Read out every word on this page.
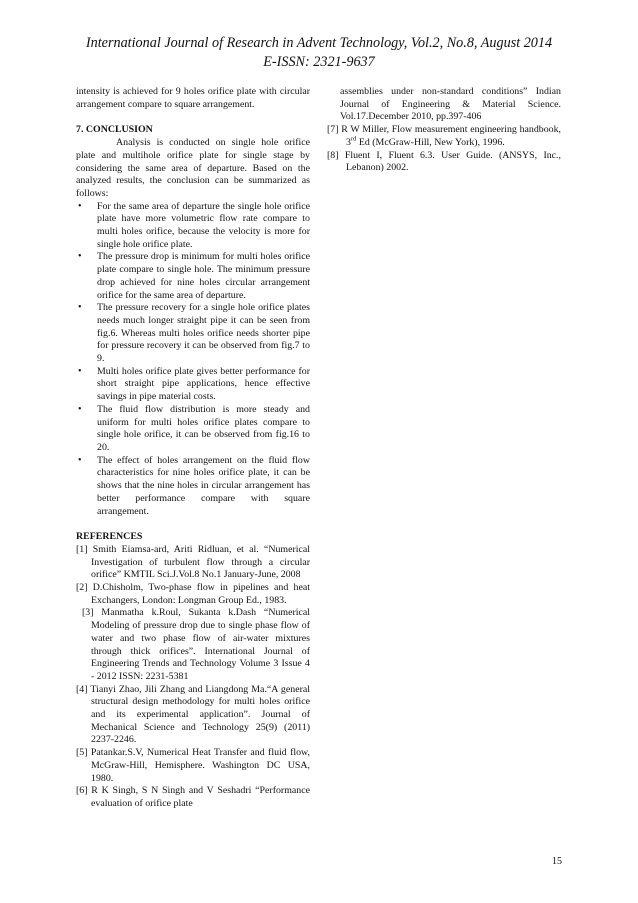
International Journal of Research in Advent Technology, Vol.2, No.8, August 2014
E-ISSN: 2321-9637

intensity is achieved for 9 holes orifice plate with circular arrangement compare to square arrangement.

7. CONCLUSION

Analysis is conducted on single hole orifice plate and multihole orifice plate for single stage by considering the same area of departure. Based on the analyzed results, the conclusion can be summarized as follows:

• For the same area of departure the single hole orifice plate have more volumetric flow rate compare to multi holes orifice, because the velocity is more for single hole orifice plate.
• The pressure drop is minimum for multi holes orifice plate compare to single hole. The minimum pressure drop achieved for nine holes circular arrangement orifice for the same area of departure.
• The pressure recovery for a single hole orifice plates needs much longer straight pipe it can be seen from fig.6. Whereas multi holes orifice needs shorter pipe for pressure recovery it can be observed from fig.7 to 9.
• Multi holes orifice plate gives better performance for short straight pipe applications, hence effective savings in pipe material costs.
• The fluid flow distribution is more steady and uniform for multi holes orifice plates compare to single hole orifice, it can be observed from fig.16 to 20.
• The effect of holes arrangement on the fluid flow characteristics for nine holes orifice plate, it can be shows that the nine holes in circular arrangement has better performance compare with square arrangement.

REFERENCES

[1] Smith Eiamsa-ard, Ariti Ridluan, et al. “Numerical Investigation of turbulent flow through a circular orifice” KMTIL Sci.J.Vol.8 No.1 January-June, 2008

[2] D.Chisholm, Two-phase flow in pipelines and heat Exchangers, London: Longman Group Ed., 1983.

[3] Manmatha k.Roul, Sukanta k.Dash “Numerical Modeling of pressure drop due to single phase flow of water and two phase flow of air-water mixtures through thick orifices”. International Journal of Engineering Trends and Technology Volume 3 Issue 4 - 2012 ISSN: 2231-5381

[4] Tianyi Zhao, Jili Zhang and Liangdong Ma.“A general structural design methodology for multi holes orifice and its experimental application”. Journal of Mechanical Science and Technology 25(9) (2011) 2237-2246.

[5] Patankar.S.V, Numerical Heat Transfer and fluid flow, McGraw-Hill, Hemisphere. Washington DC USA, 1980.

[6] R K Singh, S N Singh and V Seshadri “Performance evaluation of orifice plate

assemblies under non-standard conditions” Indian Journal of Engineering & Material Science. Vol.17.December 2010, pp.397-406

[7] R W Miller, Flow measurement engineering handbook, 3rd Ed (McGraw-Hill, New York), 1996.

[8] Fluent I, Fluent 6.3. User Guide. (ANSYS, Inc., Lebanon) 2002.

15
